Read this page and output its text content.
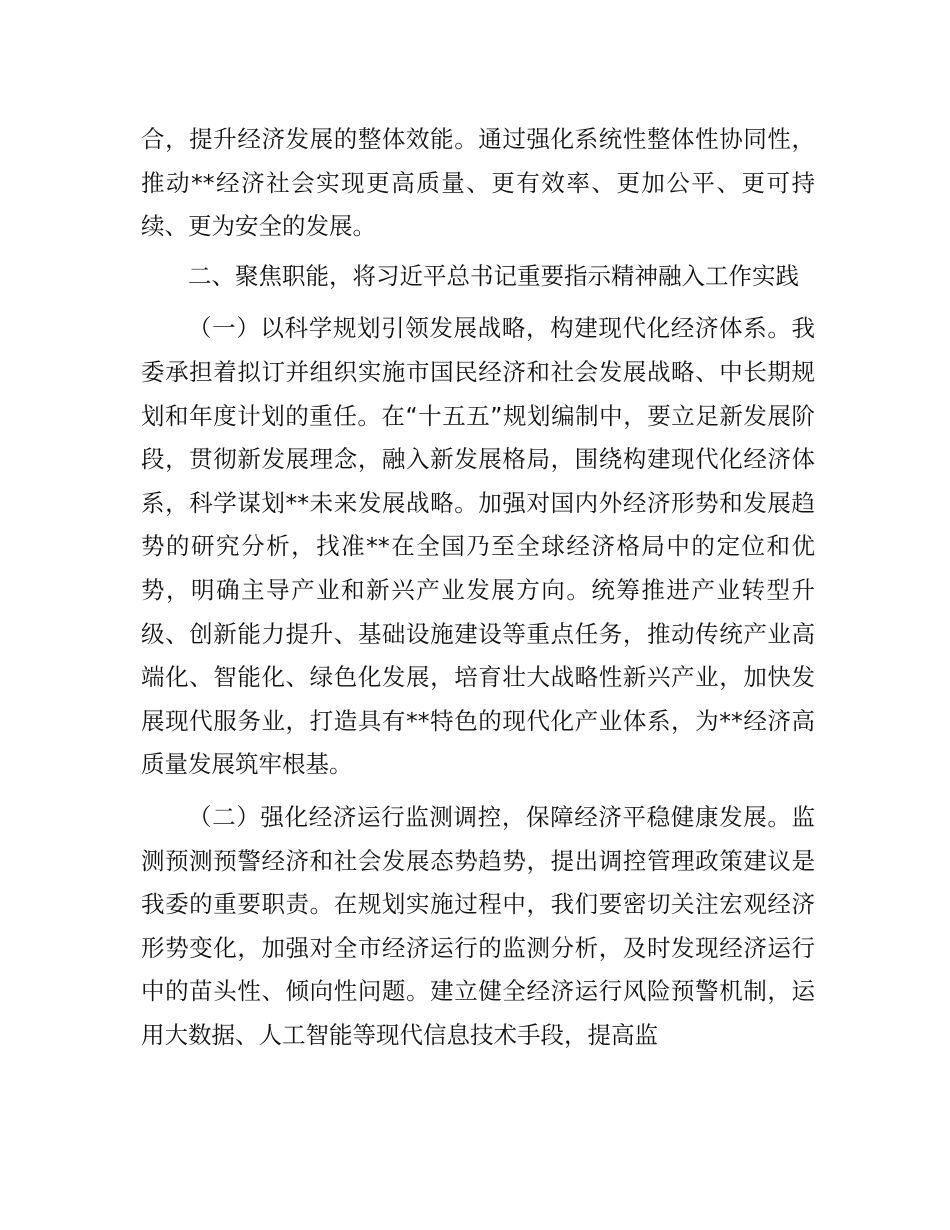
合，提升经济发展的整体效能。通过强化系统性整体性协同性，推动**经济社会实现更高质量、更有效率、更加公平、更可持续、更为安全的发展。

二、聚焦职能，将习近平总书记重要指示精神融入工作实践

（一）以科学规划引领发展战略，构建现代化经济体系。我委承担着拟订并组织实施市国民经济和社会发展战略、中长期规划和年度计划的重任。在“十五五”规划编制中，要立足新发展阶段，贯彻新发展理念，融入新发展格局，围绕构建现代化经济体系，科学谋划**未来发展战略。加强对国内外经济形势和发展趋势的研究分析，找准**在全国乃至全球经济格局中的定位和优势，明确主导产业和新兴产业发展方向。统筹推进产业转型升级、创新能力提升、基础设施建设等重点任务，推动传统产业高端化、智能化、绿色化发展，培育壮大战略性新兴产业，加快发展现代服务业，打造具有**特色的现代化产业体系，为**经济高质量发展筑牢根基。

（二）强化经济运行监测调控，保障经济平稳健康发展。监测预测预警经济和社会发展态势趋势，提出调控管理政策建议是我委的重要职责。在规划实施过程中，我们要密切关注宏观经济形势变化，加强对全市经济运行的监测分析，及时发现经济运行中的苗头性、倾向性问题。建立健全经济运行风险预警机制，运用大数据、人工智能等现代信息技术手段，提高监
